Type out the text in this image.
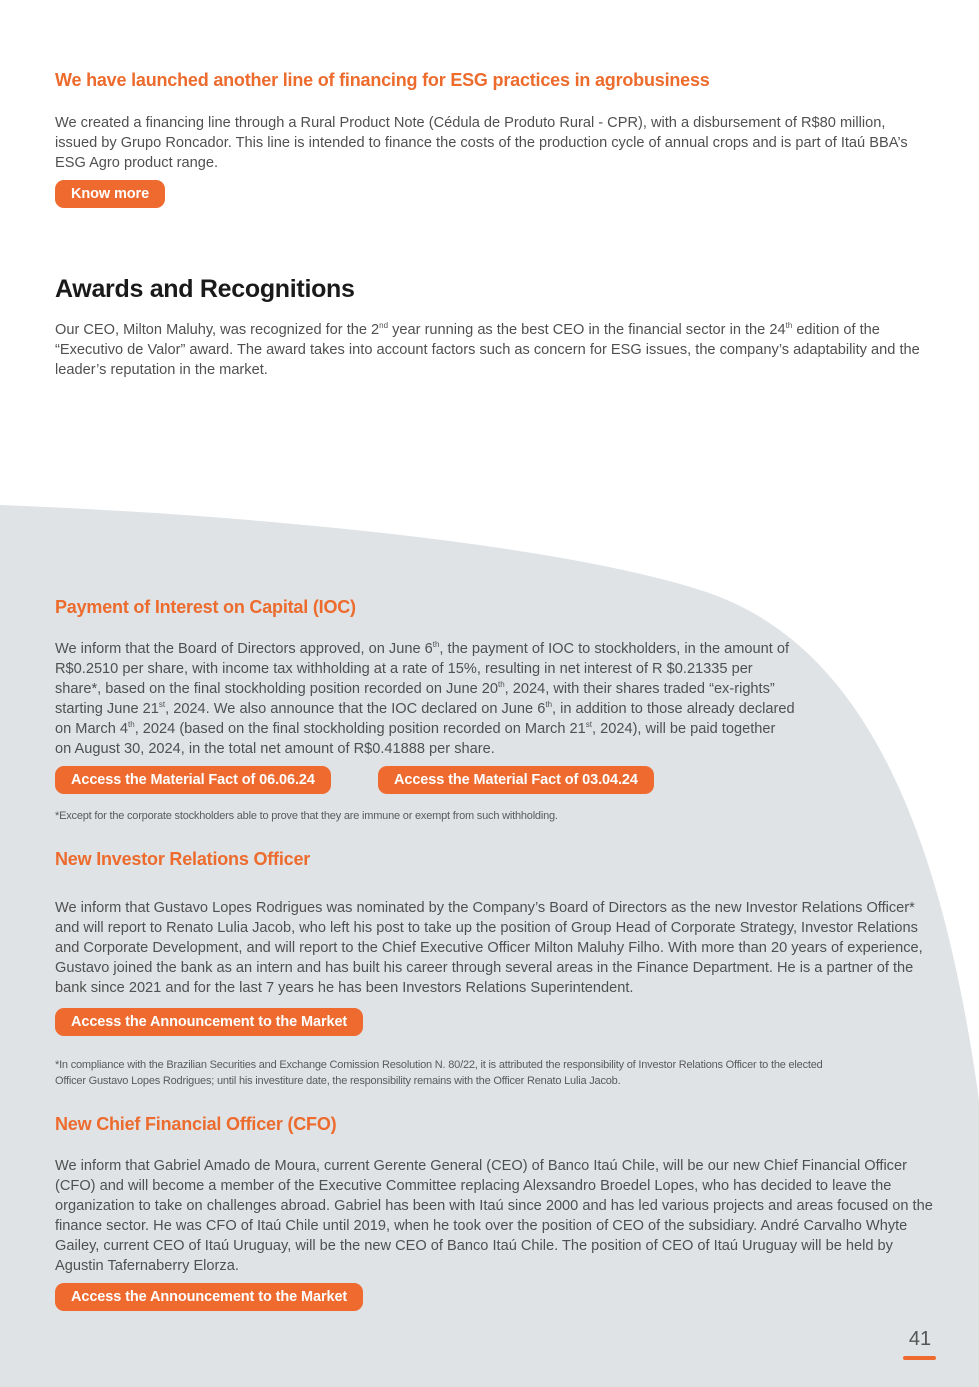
We have launched another line of financing for ESG practices in agrobusiness

We created a financing line through a Rural Product Note (Cédula de Produto Rural - CPR), with a disbursement of R$80 million, issued by Grupo Roncador. This line is intended to finance the costs of the production cycle of annual crops and is part of Itaú BBA’s ESG Agro product range.

Know more
Awards and Recognitions

Our CEO, Milton Maluhy, was recognized for the 2nd year running as the best CEO in the financial sector in the 24th edition of the “Executivo de Valor” award. The award takes into account factors such as concern for ESG issues, the company’s adaptability and the leader’s reputation in the market.

Payment of Interest on Capital (IOC)

We inform that the Board of Directors approved, on June 6th, the payment of IOC to stockholders, in the amount of R$0.2510 per share, with income tax withholding at a rate of 15%, resulting in net interest of R $0.21335 per share*, based on the final stockholding position recorded on June 20th, 2024, with their shares traded “ex-rights” starting June 21st, 2024. We also announce that the IOC declared on June 6th, in addition to those already declared on March 4th, 2024 (based on the final stockholding position recorded on March 21st, 2024), will be paid together on August 30, 2024, in the total net amount of R$0.41888 per share.

Access the Material Fact of 06.06.24	Access the Material Fact of 03.04.24

*Except for the corporate stockholders able to prove that they are immune or exempt from such withholding.

New Investor Relations Officer

We inform that Gustavo Lopes Rodrigues was nominated by the Company’s Board of Directors as the new Investor Relations Officer* and will report to Renato Lulia Jacob, who left his post to take up the position of Group Head of Corporate Strategy, Investor Relations and Corporate Development, and will report to the Chief Executive Officer Milton Maluhy Filho. With more than 20 years of experience, Gustavo joined the bank as an intern and has built his career through several areas in the Finance Department. He is a partner of the bank since 2021 and for the last 7 years he has been Investors Relations Superintendent.

Access the Announcement to the Market

*In compliance with the Brazilian Securities and Exchange Comission Resolution N. 80/22, it is attributed the responsibility of Investor Relations Officer to the elected Officer Gustavo Lopes Rodrigues; until his investiture date, the responsibility remains with the Officer Renato Lulia Jacob.

New Chief Financial Officer (CFO)

We inform that Gabriel Amado de Moura, current Gerente General (CEO) of Banco Itaú Chile, will be our new Chief Financial Officer (CFO) and will become a member of the Executive Committee replacing Alexsandro Broedel Lopes, who has decided to leave the organization to take on challenges abroad. Gabriel has been with Itaú since 2000 and has led various projects and areas focused on the finance sector. He was CFO of Itaú Chile until 2019, when he took over the position of CEO of the subsidiary. André Carvalho Whyte Gailey, current CEO of Itaú Uruguay, will be the new CEO of Banco Itaú Chile. The position of CEO of Itaú Uruguay will be held by Agustin Tafernaberry Elorza.

Access the Announcement to the Market
41
